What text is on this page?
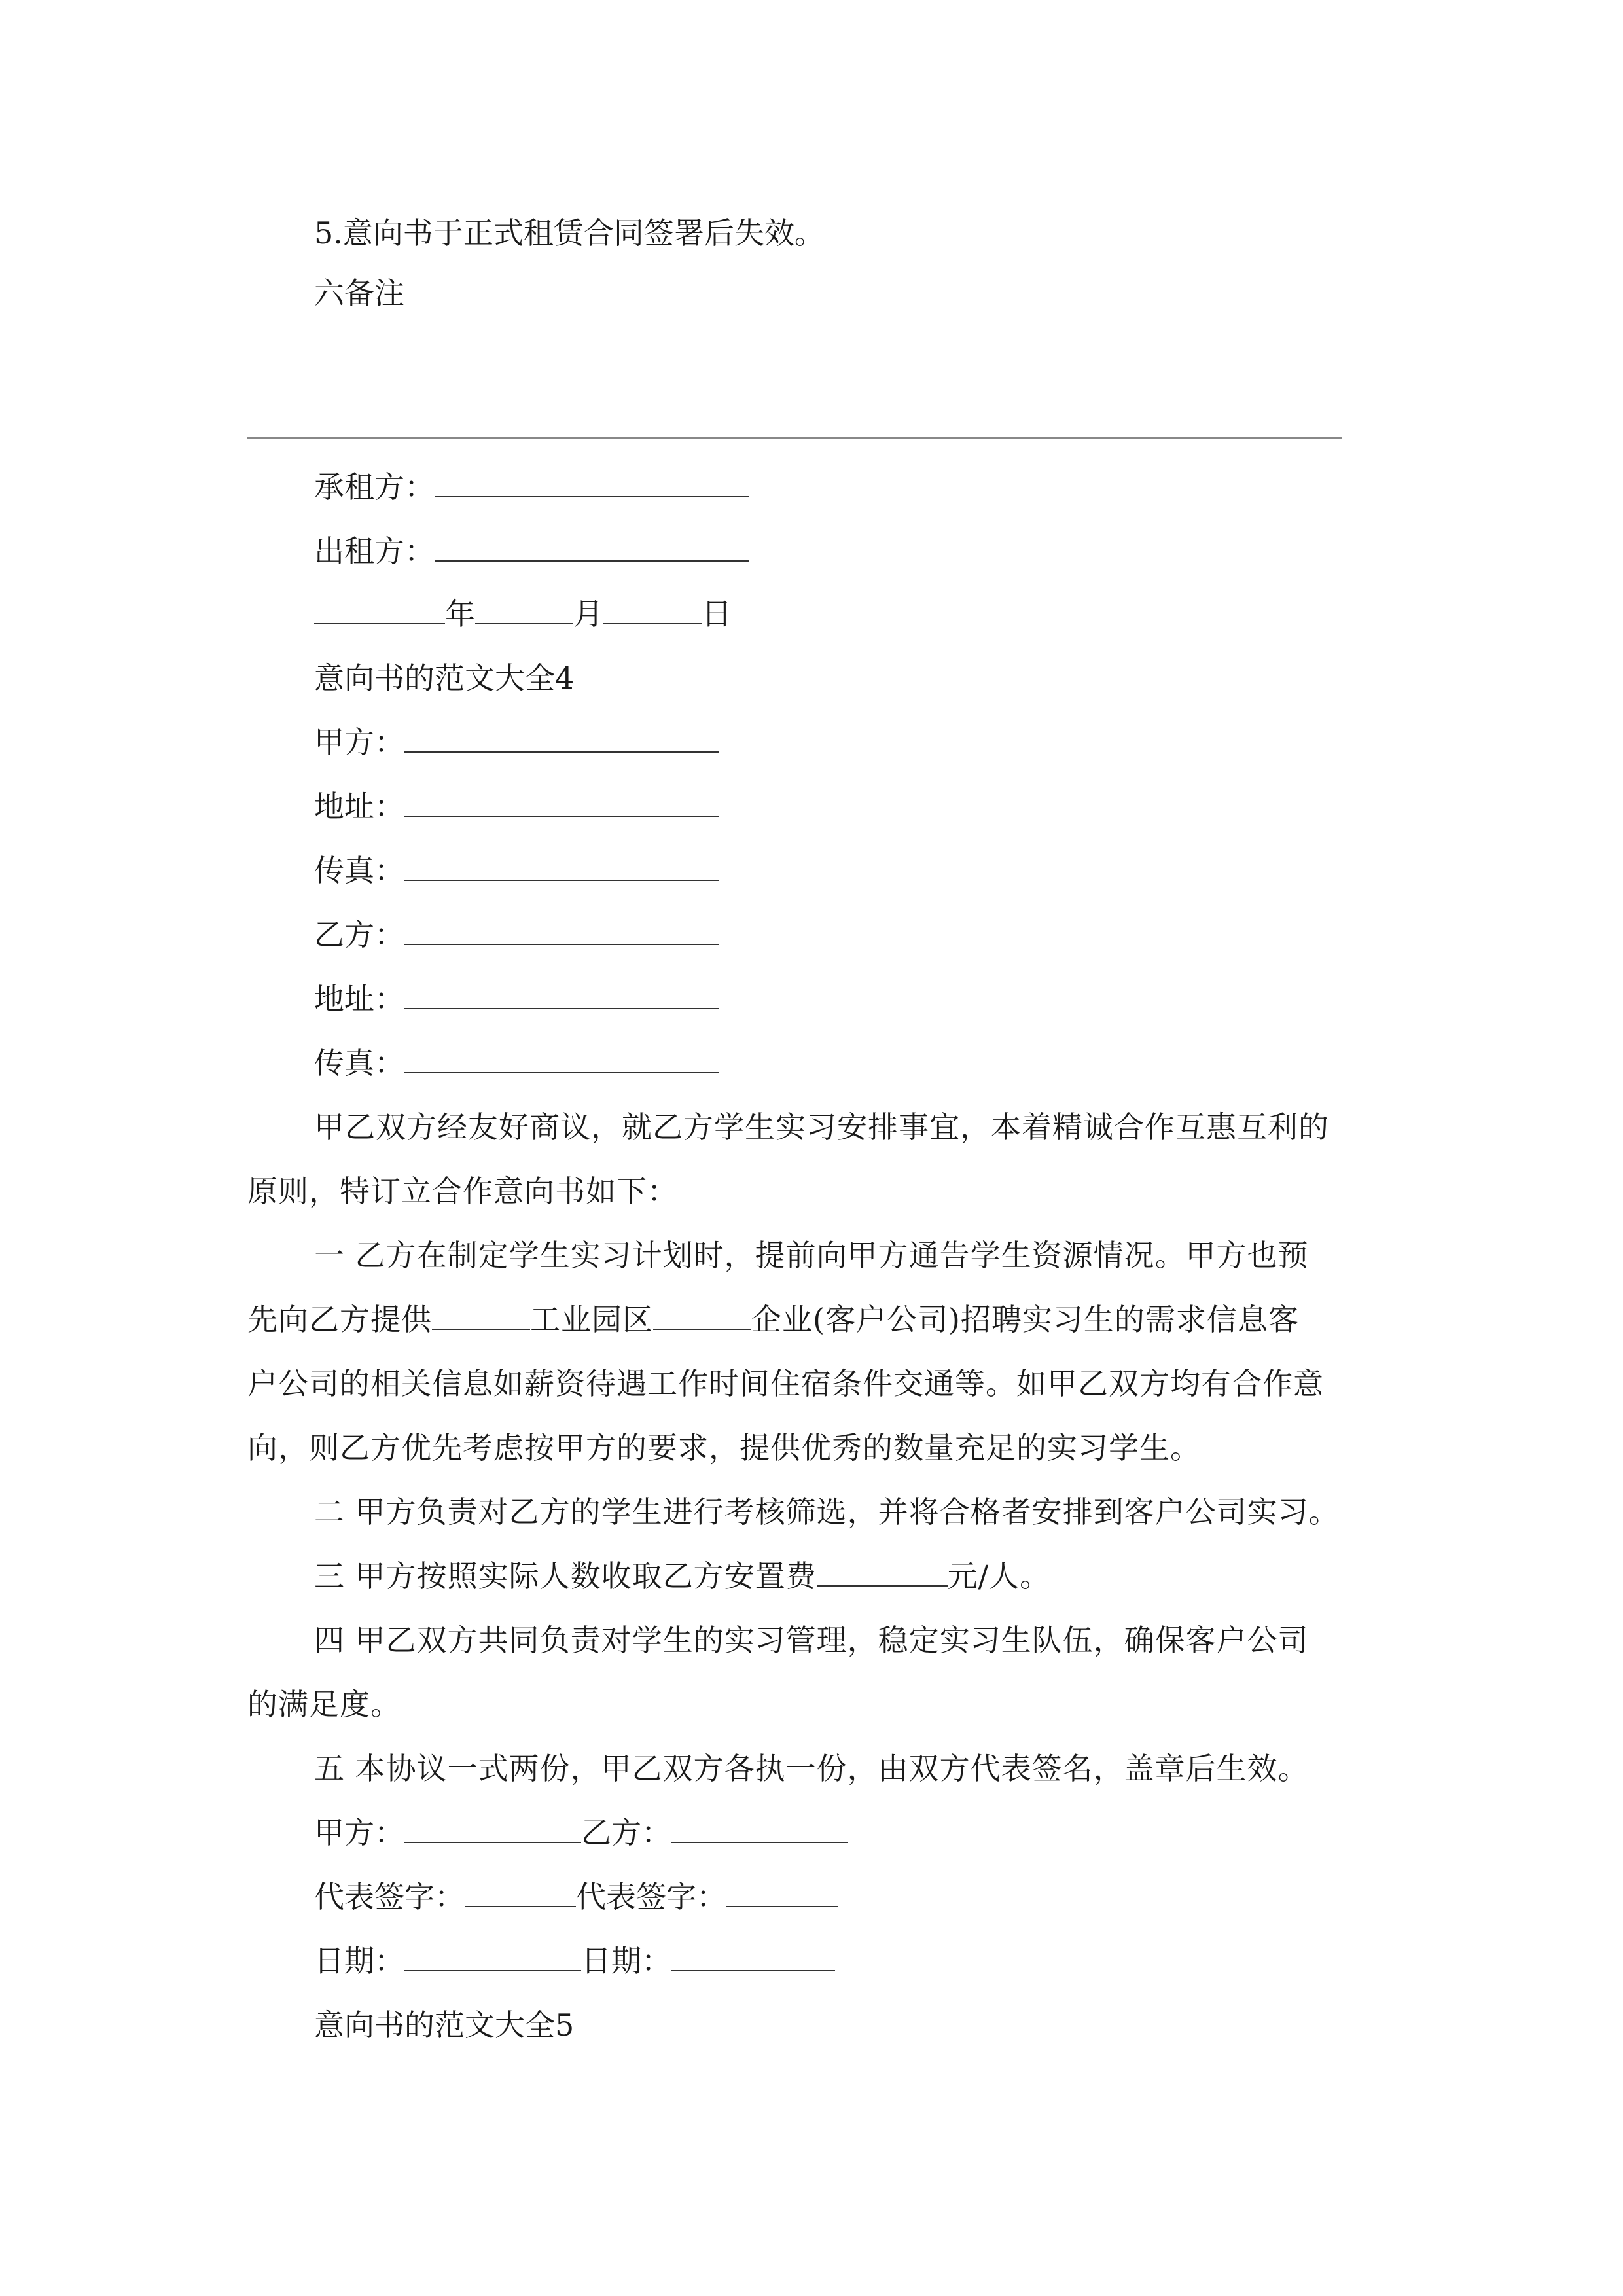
5.意向书于正式租赁合同签署后失效。
六备注
承租方：
出租方：
年	月	日
意向书的范文大全4
甲方：
地址：
传真：
乙方：
地址：
传真：
甲乙双方经友好商议，就乙方学生实习安排事宜，本着精诚合作互惠互利的
原则，特订立合作意向书如下：
一 乙方在制定学生实习计划时，提前向甲方通告学生资源情况。甲方也预
先向乙方提供	工业园区	企业(客户公司)招聘实习生的需求信息客
户公司的相关信息如薪资待遇工作时间住宿条件交通等。如甲乙双方均有合作意
向，则乙方优先考虑按甲方的要求，提供优秀的数量充足的实习学生。
二 甲方负责对乙方的学生进行考核筛选，并将合格者安排到客户公司实习。
三 甲方按照实际人数收取乙方安置费	元/人。
四 甲乙双方共同负责对学生的实习管理，稳定实习生队伍，确保客户公司
的满足度。
五 本协议一式两份，甲乙双方各执一份，由双方代表签名，盖章后生效。
甲方：	乙方：
代表签字：	代表签字：
日期：	日期：
意向书的范文大全5
